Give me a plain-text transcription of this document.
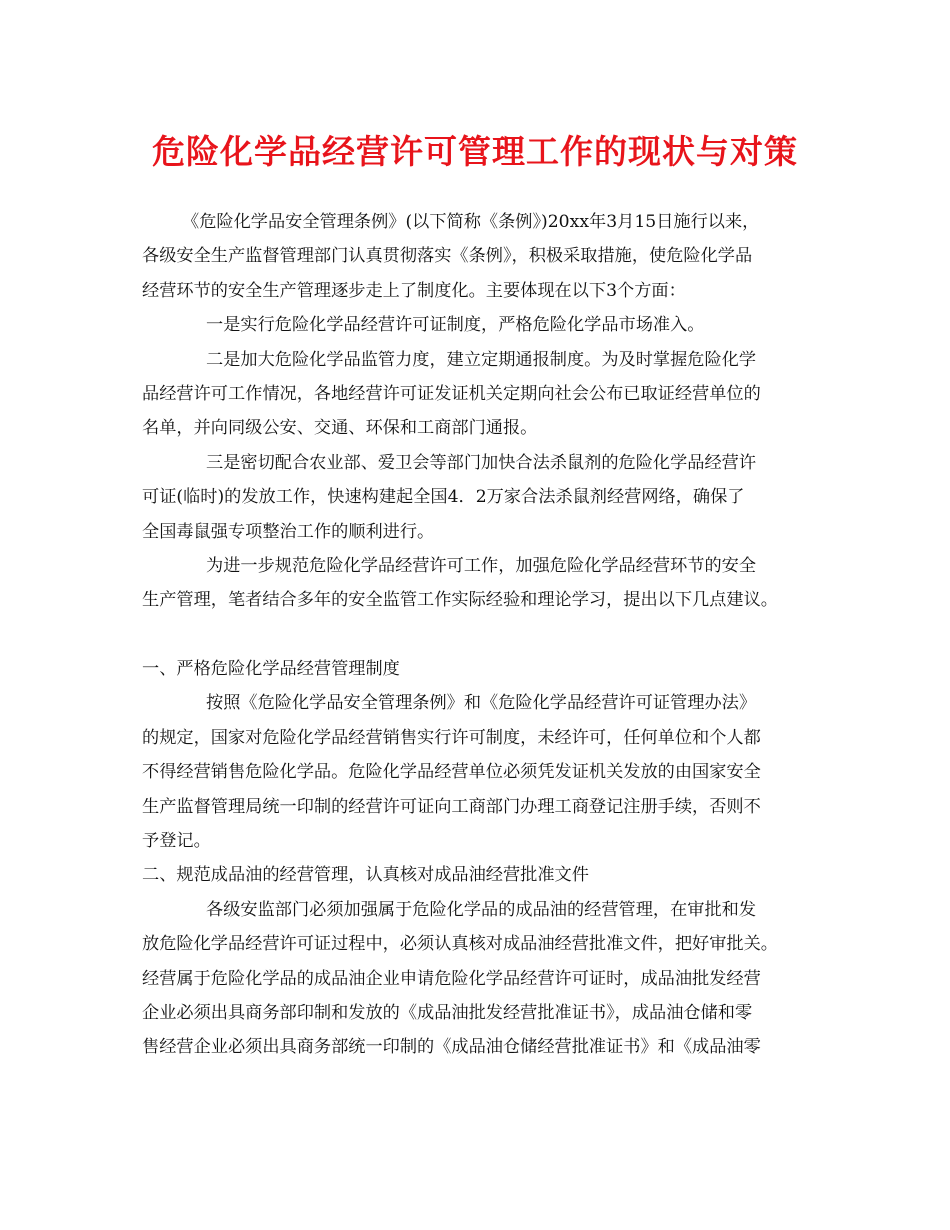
危险化学品经营许可管理工作的现状与对策
《危险化学品安全管理条例》(以下简称《条例》)20xx年3月15日施行以来，
各级安全生产监督管理部门认真贯彻落实《条例》，积极采取措施，使危险化学品
经营环节的安全生产管理逐步走上了制度化。主要体现在以下3个方面：
一是实行危险化学品经营许可证制度，严格危险化学品市场准入。
二是加大危险化学品监管力度，建立定期通报制度。为及时掌握危险化学
品经营许可工作情况，各地经营许可证发证机关定期向社会公布已取证经营单位的
名单，并向同级公安、交通、环保和工商部门通报。
三是密切配合农业部、爱卫会等部门加快合法杀鼠剂的危险化学品经营许
可证(临时)的发放工作，快速构建起全国4．2万家合法杀鼠剂经营网络，确保了
全国毒鼠强专项整治工作的顺利进行。
为进一步规范危险化学品经营许可工作，加强危险化学品经营环节的安全
生产管理，笔者结合多年的安全监管工作实际经验和理论学习，提出以下几点建议。
一、严格危险化学品经营管理制度
按照《危险化学品安全管理条例》和《危险化学品经营许可证管理办法》
的规定，国家对危险化学品经营销售实行许可制度，未经许可，任何单位和个人都
不得经营销售危险化学品。危险化学品经营单位必须凭发证机关发放的由国家安全
生产监督管理局统一印制的经营许可证向工商部门办理工商登记注册手续，否则不
予登记。
二、规范成品油的经营管理，认真核对成品油经营批准文件
各级安监部门必须加强属于危险化学品的成品油的经营管理，在审批和发
放危险化学品经营许可证过程中，必须认真核对成品油经营批准文件，把好审批关。
经营属于危险化学品的成品油企业申请危险化学品经营许可证时，成品油批发经营
企业必须出具商务部印制和发放的《成品油批发经营批准证书》，成品油仓储和零
售经营企业必须出具商务部统一印制的《成品油仓储经营批准证书》和《成品油零
